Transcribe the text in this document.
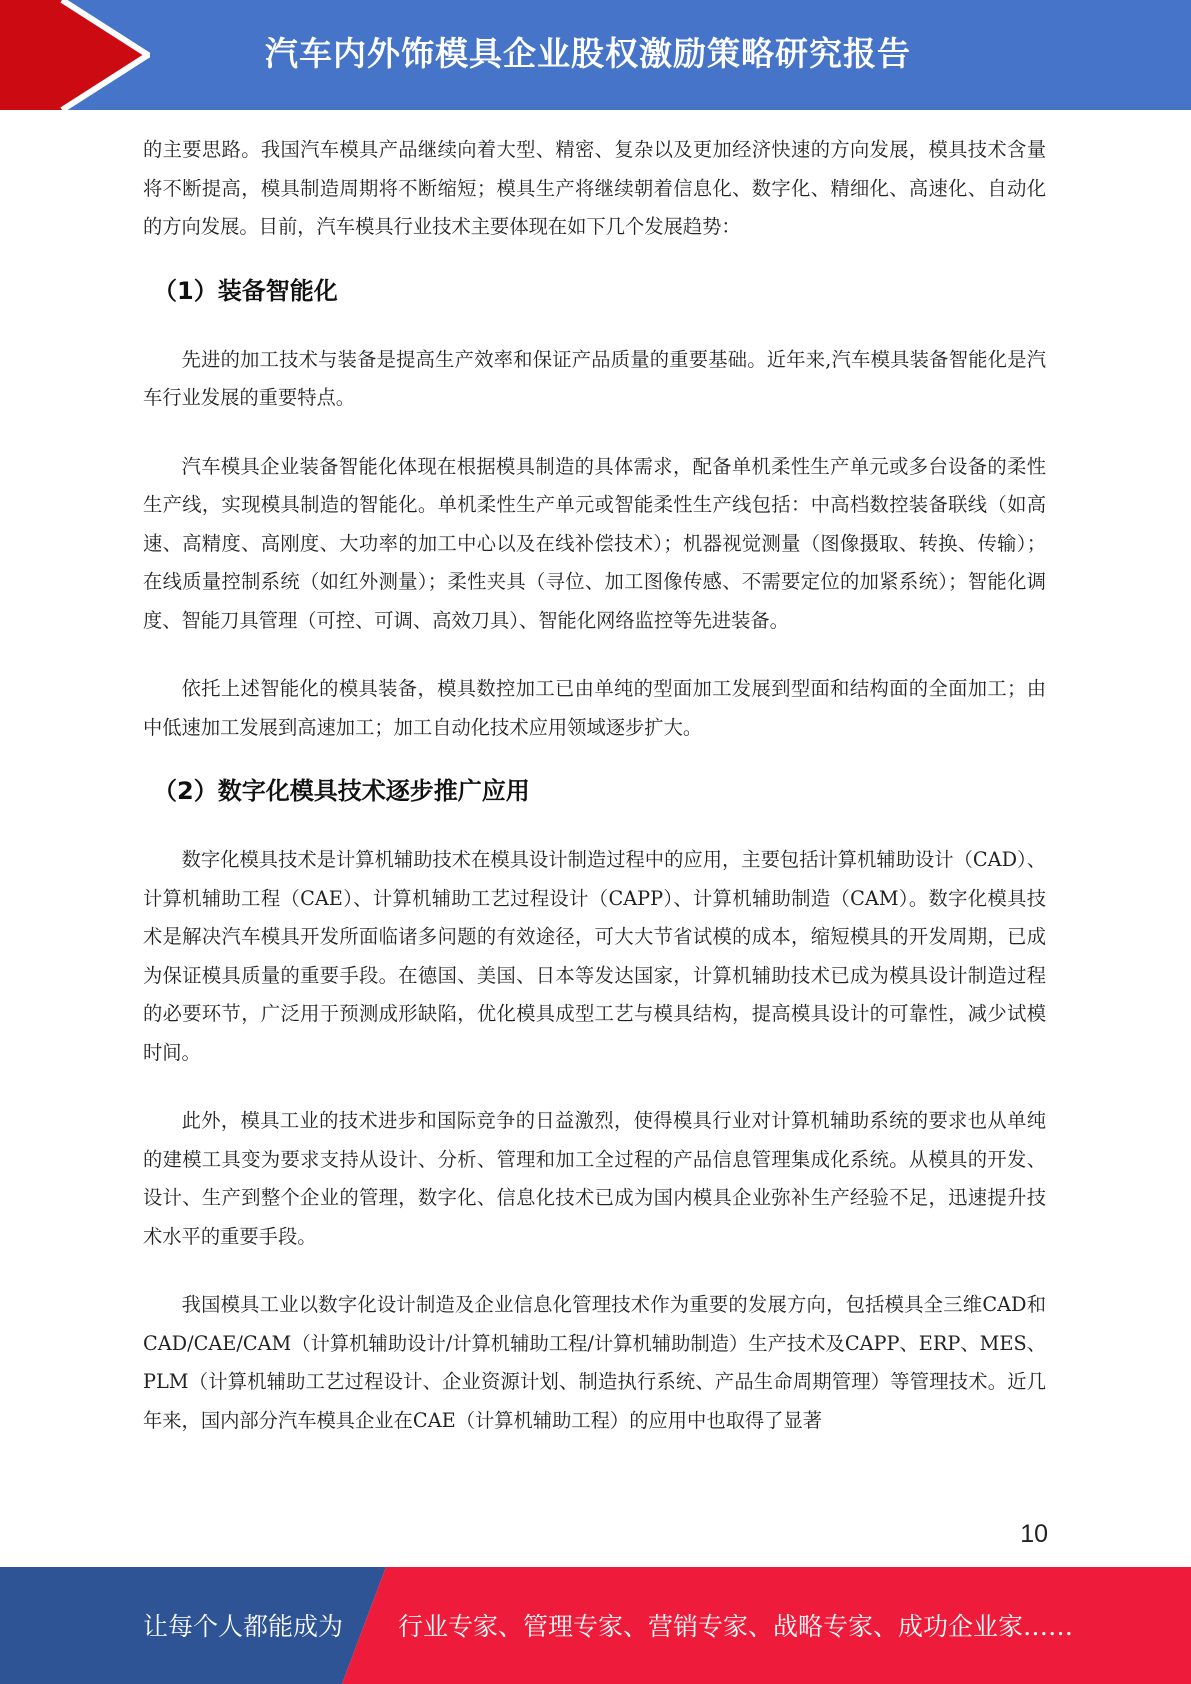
汽车内外饰模具企业股权激励策略研究报告

的主要思路。我国汽车模具产品继续向着大型、精密、复杂以及更加经济快速的方向发展，模具技术含量将不断提高，模具制造周期将不断缩短；模具生产将继续朝着信息化、数字化、精细化、高速化、自动化的方向发展。目前，汽车模具行业技术主要体现在如下几个发展趋势：

（1）装备智能化

先进的加工技术与装备是提高生产效率和保证产品质量的重要基础。近年来,汽车模具装备智能化是汽车行业发展的重要特点。

汽车模具企业装备智能化体现在根据模具制造的具体需求，配备单机柔性生产单元或多台设备的柔性生产线，实现模具制造的智能化。单机柔性生产单元或智能柔性生产线包括：中高档数控装备联线（如高速、高精度、高刚度、大功率的加工中心以及在线补偿技术）；机器视觉测量（图像摄取、转换、传输）；在线质量控制系统（如红外测量）；柔性夹具（寻位、加工图像传感、不需要定位的加紧系统）；智能化调度、智能刀具管理（可控、可调、高效刀具）、智能化网络监控等先进装备。

依托上述智能化的模具装备，模具数控加工已由单纯的型面加工发展到型面和结构面的全面加工；由中低速加工发展到高速加工；加工自动化技术应用领域逐步扩大。

（2）数字化模具技术逐步推广应用

数字化模具技术是计算机辅助技术在模具设计制造过程中的应用，主要包括计算机辅助设计（CAD）、计算机辅助工程（CAE）、计算机辅助工艺过程设计（CAPP）、计算机辅助制造（CAM）。数字化模具技术是解决汽车模具开发所面临诸多问题的有效途径，可大大节省试模的成本，缩短模具的开发周期，已成为保证模具质量的重要手段。在德国、美国、日本等发达国家，计算机辅助技术已成为模具设计制造过程的必要环节，广泛用于预测成形缺陷，优化模具成型工艺与模具结构，提高模具设计的可靠性，减少试模时间。

此外，模具工业的技术进步和国际竞争的日益激烈，使得模具行业对计算机辅助系统的要求也从单纯的建模工具变为要求支持从设计、分析、管理和加工全过程的产品信息管理集成化系统。从模具的开发、设计、生产到整个企业的管理，数字化、信息化技术已成为国内模具企业弥补生产经验不足，迅速提升技术水平的重要手段。

我国模具工业以数字化设计制造及企业信息化管理技术作为重要的发展方向，包括模具全三维CAD和CAD/CAE/CAM（计算机辅助设计/计算机辅助工程/计算机辅助制造）生产技术及CAPP、ERP、MES、PLM（计算机辅助工艺过程设计、企业资源计划、制造执行系统、产品生命周期管理）等管理技术。近几年来，国内部分汽车模具企业在CAE（计算机辅助工程）的应用中也取得了显著

10
让每个人都能成为 行业专家、管理专家、营销专家、战略专家、成功企业家……
